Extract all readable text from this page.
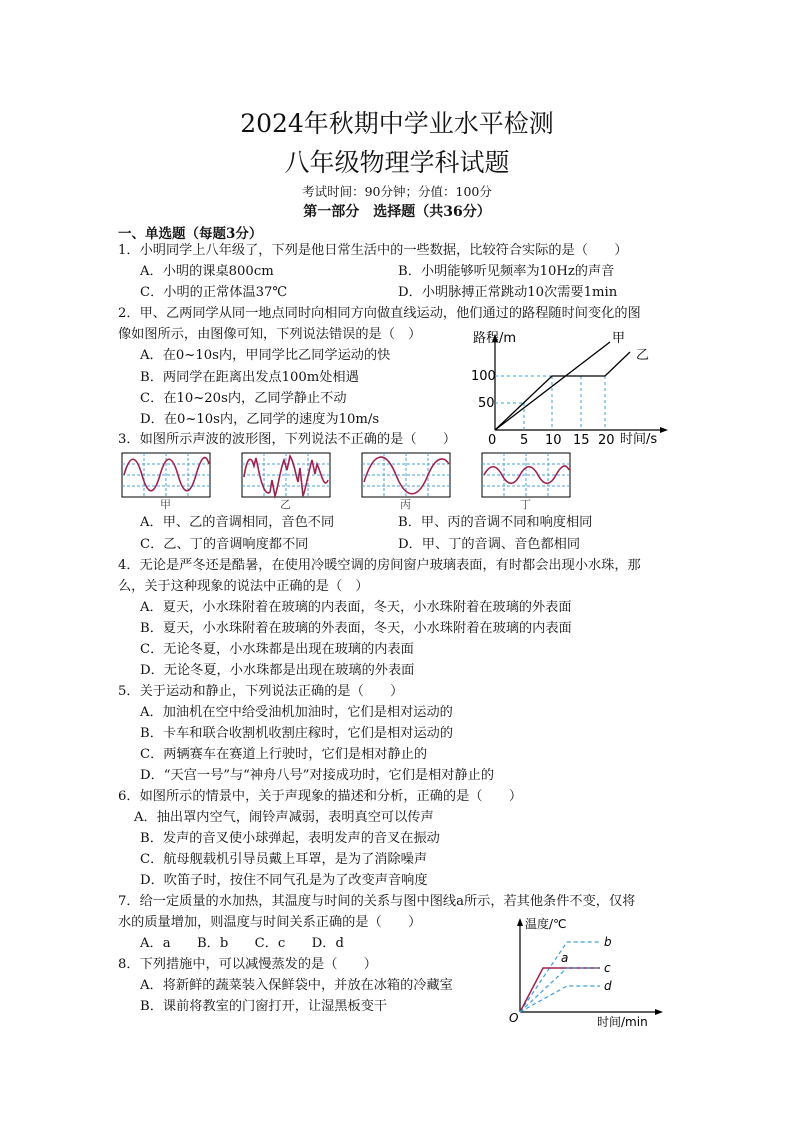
2024年秋期中学业水平检测
八年级物理学科试题
考试时间：90分钟；分值：100分
第一部分　选择题（共36分）
一、单选题（每题3分）
1．小明同学上八年级了，下列是他日常生活中的一些数据，比较符合实际的是（　　）
A．小明的课桌800cm	B．小明能够听见频率为10Hz的声音
C．小明的正常体温37℃	D．小明脉搏正常跳动10次需要1min
2．甲、乙两同学从同一地点同时向相同方向做直线运动，他们通过的路程随时间变化的图
像如图所示，由图像可知，下列说法错误的是（　）
A．在0~10s内，甲同学比乙同学运动的快
B．两同学在距离出发点100m处相遇
C．在10~20s内，乙同学静止不动
D．在0~10s内，乙同学的速度为10m/s
路程/m
时间/s
0 5 10 15 20
50
100
甲
乙
3．如图所示声波的波形图，下列说法不正确的是（　　）
甲	乙	丙	丁
A．甲、乙的音调相同，音色不同	B．甲、丙的音调不同和响度相同
C．乙、丁的音调响度都不同	D．甲、丁的音调、音色都相同
4．无论是严冬还是酷暑，在使用冷暖空调的房间窗户玻璃表面，有时都会出现小水珠，那
么，关于这种现象的说法中正确的是（　）
A．夏天，小水珠附着在玻璃的内表面，冬天，小水珠附着在玻璃的外表面
B．夏天，小水珠附着在玻璃的外表面，冬天，小水珠附着在玻璃的内表面
C．无论冬夏，小水珠都是出现在玻璃的内表面
D．无论冬夏，小水珠都是出现在玻璃的外表面
5．关于运动和静止，下列说法正确的是（　　）
A．加油机在空中给受油机加油时，它们是相对运动的
B．卡车和联合收割机收割庄稼时，它们是相对运动的
C．两辆赛车在赛道上行驶时，它们是相对静止的
D．“天宫一号”与“神舟八号”对接成功时，它们是相对静止的
6．如图所示的情景中，关于声现象的描述和分析，正确的是（　　）
A．抽出罩内空气，闹铃声减弱，表明真空可以传声
B．发声的音叉使小球弹起，表明发声的音叉在振动
C．航母舰载机引导员戴上耳罩，是为了消除噪声
D．吹笛子时，按住不同气孔是为了改变声音响度
7．给一定质量的水加热，其温度与时间的关系与图中图线a所示，若其他条件不变，仅将
水的质量增加，则温度与时间关系正确的是（　　）
A．a　　B．b　　C．c　　D．d
温度/℃
时间/min
O
b
a
c
d
8．下列措施中，可以减慢蒸发的是（　　）
A．将新鲜的蔬菜装入保鲜袋中，并放在冰箱的冷藏室
B．课前将教室的门窗打开，让湿黑板变干
